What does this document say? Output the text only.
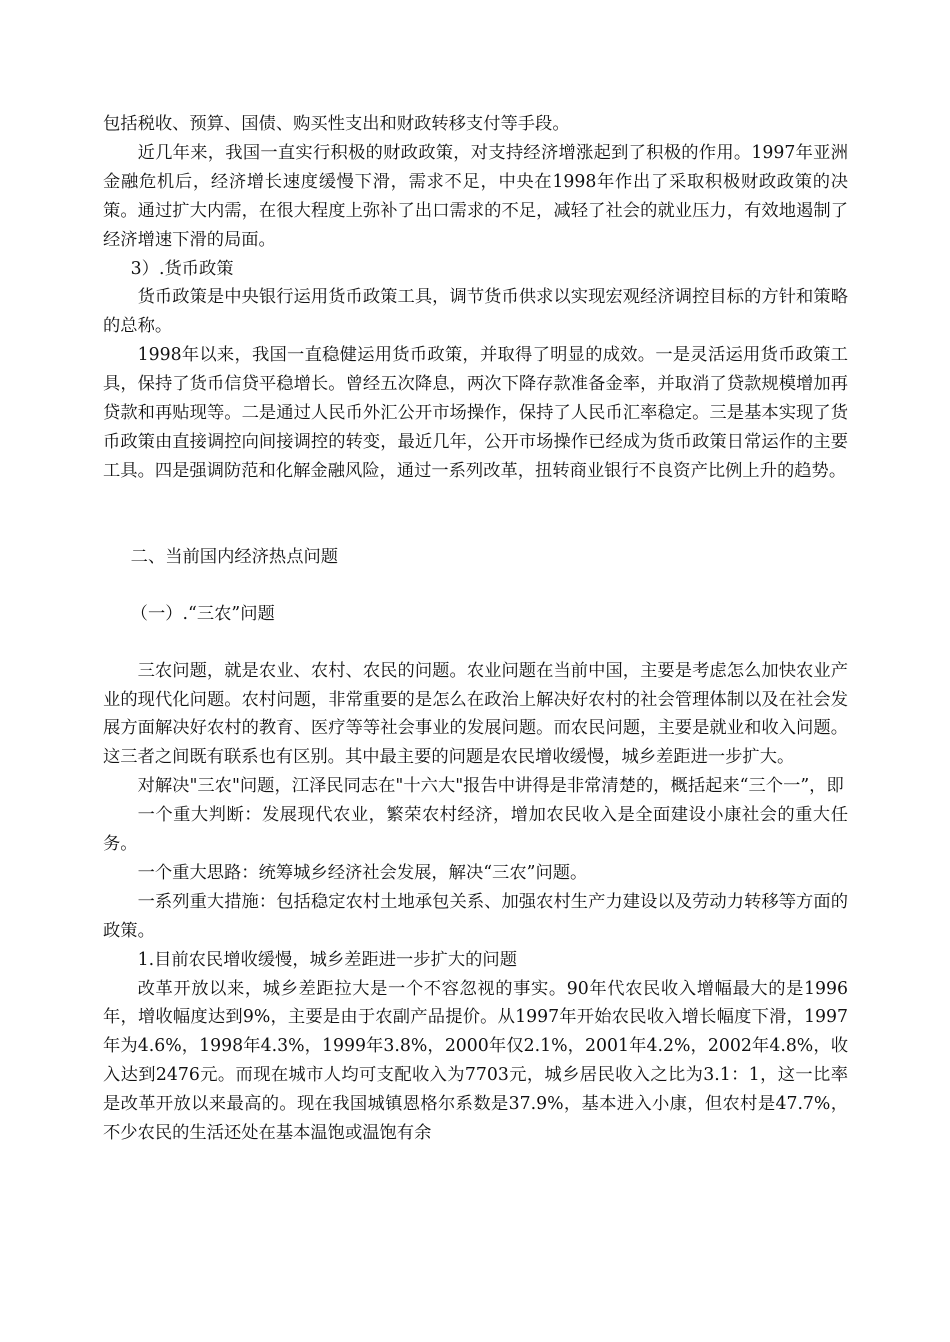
包括税收、预算、国债、购买性支出和财政转移支付等手段。

近几年来，我国一直实行积极的财政政策，对支持经济增涨起到了积极的作用。1997年亚洲金融危机后，经济增长速度缓慢下滑，需求不足，中央在1998年作出了采取积极财政政策的决策。通过扩大内需，在很大程度上弥补了出口需求的不足，减轻了社会的就业压力，有效地遏制了经济增速下滑的局面。

3）.货币政策

货币政策是中央银行运用货币政策工具，调节货币供求以实现宏观经济调控目标的方针和策略的总称。

1998年以来，我国一直稳健运用货币政策，并取得了明显的成效。一是灵活运用货币政策工具，保持了货币信贷平稳增长。曾经五次降息，两次下降存款准备金率，并取消了贷款规模增加再贷款和再贴现等。二是通过人民币外汇公开市场操作，保持了人民币汇率稳定。三是基本实现了货币政策由直接调控向间接调控的转变，最近几年，公开市场操作已经成为货币政策日常运作的主要工具。四是强调防范和化解金融风险，通过一系列改革，扭转商业银行不良资产比例上升的趋势。

二、当前国内经济热点问题

（一）.“三农”问题

三农问题，就是农业、农村、农民的问题。农业问题在当前中国，主要是考虑怎么加快农业产业的现代化问题。农村问题，非常重要的是怎么在政治上解决好农村的社会管理体制以及在社会发展方面解决好农村的教育、医疗等等社会事业的发展问题。而农民问题，主要是就业和收入问题。这三者之间既有联系也有区别。其中最主要的问题是农民增收缓慢，城乡差距进一步扩大。

对解决"三农"问题，江泽民同志在"十六大"报告中讲得是非常清楚的，概括起来“三个一”，即

一个重大判断：发展现代农业，繁荣农村经济，增加农民收入是全面建设小康社会的重大任务。

一个重大思路：统筹城乡经济社会发展，解决“三农”问题。

一系列重大措施：包括稳定农村土地承包关系、加强农村生产力建设以及劳动力转移等方面的政策。

1.目前农民增收缓慢，城乡差距进一步扩大的问题

改革开放以来，城乡差距拉大是一个不容忽视的事实。90年代农民收入增幅最大的是1996年，增收幅度达到9%，主要是由于农副产品提价。从1997年开始农民收入增长幅度下滑，1997年为4.6%，1998年4.3%，1999年3.8%，2000年仅2.1%，2001年4.2%，2002年4.8%，收入达到2476元。而现在城市人均可支配收入为7703元，城乡居民收入之比为3.1：1，这一比率是改革开放以来最高的。现在我国城镇恩格尔系数是37.9%，基本进入小康，但农村是47.7%，不少农民的生活还处在基本温饱或温饱有余
